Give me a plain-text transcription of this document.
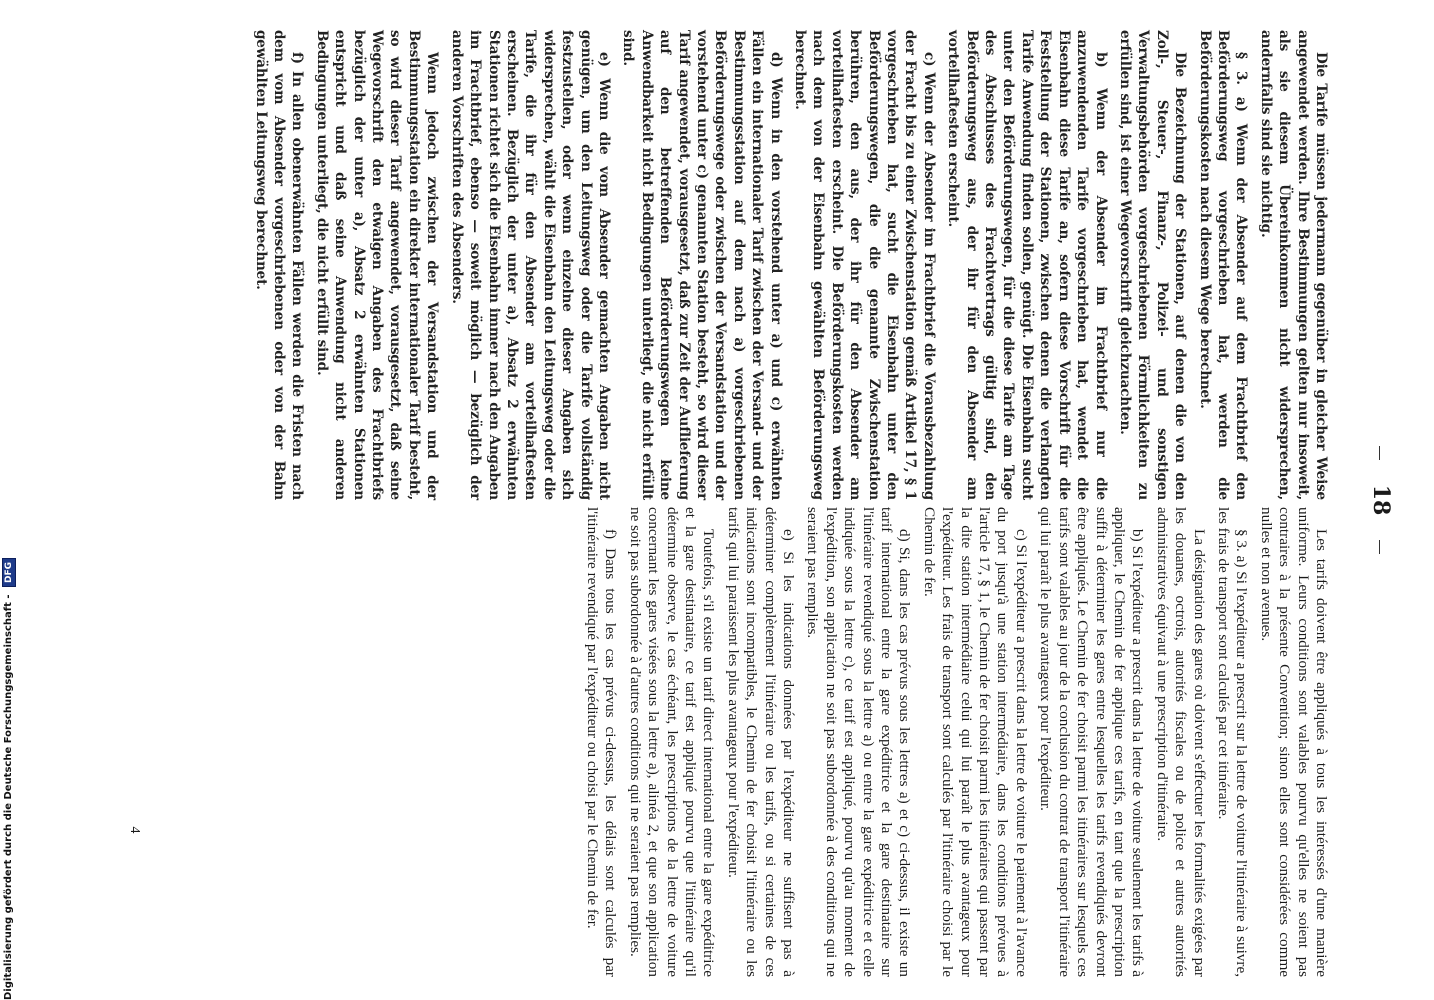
18

Die Tarife müssen jedermann gegenüber in gleicher Weise angewendet werden. Ihre Bestimmungen gelten nur insoweit, als sie diesem Übereinkommen nicht widersprechen, andernfalls sind sie nichtig.

§ 3. a) Wenn der Absender auf dem Frachtbrief den Beförderungsweg vorgeschrieben hat, werden die Beförderungskosten nach diesem Wege berechnet.

Die Bezeichnung der Stationen, auf denen die von den Zoll-, Steuer-, Finanz-, Polizei- und sonstigen Verwaltungsbehörden vorgeschriebenen Förmlichkeiten zu erfüllen sind, ist einer Wegevorschrift gleichzuachten.

b) Wenn der Absender im Frachtbrief nur die anzuwendenden Tarife vorgeschrieben hat, wendet die Eisenbahn diese Tarife an, sofern diese Vorschrift für die Feststellung der Stationen, zwischen denen die verlangten Tarife Anwendung finden sollen, genügt. Die Eisenbahn sucht unter den Beförderungswegen, für die diese Tarife am Tage des Abschlusses des Frachtvertrags gültig sind, den Beförderungsweg aus, der ihr für den Absender am vorteilhaftesten erscheint.

c) Wenn der Absender im Frachtbrief die Vorausbezahlung der Fracht bis zu einer Zwischenstation gemäß Artikel 17, § 1 vorgeschrieben hat, sucht die Eisenbahn unter den Beförderungswegen, die die genannte Zwischenstation berühren, den aus, der ihr für den Absender am vorteilhaftesten erscheint. Die Beförderungskosten werden nach dem von der Eisenbahn gewählten Beförderungsweg berechnet.

d) Wenn in den vorstehend unter a) und c) erwähnten Fällen ein internationaler Tarif zwischen der Versand- und der Bestimmungsstation auf dem nach a) vorgeschriebenen Beförderungswege oder zwischen der Versandstation und der vorstehend unter c) genannten Station besteht, so wird dieser Tarif angewendet, vorausgesetzt, daß zur Zeit der Auflieferung auf den betreffenden Beförderungswegen keine Anwendbarkeit nicht Bedingungen unterliegt, die nicht erfüllt sind.

e) Wenn die vom Absender gemachten Angaben nicht genügen, um den Leitungsweg oder die Tarife vollständig festzustellen, oder wenn einzelne dieser Angaben sich widersprechen, wählt die Eisenbahn den Leitungsweg oder die Tarife, die ihr für den Absender am vorteilhaftesten erscheinen. Bezüglich der unter a), Absatz 2 erwähnten Stationen richtet sich die Eisenbahn immer nach den Angaben im Frachtbrief, ebenso — soweit möglich — bezüglich der anderen Vorschriften des Absenders.

Wenn jedoch zwischen der Versandstation und der Bestimmungsstation ein direkter internationaler Tarif besteht, so wird dieser Tarif angewendet, vorausgesetzt, daß seine Wegevorschrift den etwaigen Angaben des Frachtbriefs bezüglich der unter a), Absatz 2 erwähnten Stationen entspricht und daß seine Anwendung nicht anderen Bedingungen unterliegt, die nicht erfüllt sind.

f) In allen obenerwähnten Fällen werden die Fristen nach dem vom Absender vorgeschriebenen oder von der Bahn gewählten Leitungsweg berechnet.

Les tarifs doivent être appliqués à tous les intéressés d'une manière uniforme. Leurs conditions sont valables pourvu qu'elles ne soient pas contraires à la présente Convention; sinon elles sont considérées comme nulles et non avenues.

§ 3. a) Si l'expéditeur a prescrit sur la lettre de voiture l'itinéraire à suivre, les frais de transport sont calculés par cet itinéraire.

La désignation des gares où doivent s'effectuer les formalités exigées par les douanes, octrois, autorités fiscales ou de police et autres autorités administratives équivaut à une prescription d'itinéraire.

b) Si l'expéditeur a prescrit dans la lettre de voiture seulement les tarifs à appliquer, le Chemin de fer applique ces tarifs, en tant que la prescription suffit à déterminer les gares entre lesquelles les tarifs revendiqués devront être appliqués. Le Chemin de fer choisit parmi les itinéraires sur lesquels ces tarifs sont valables au jour de la conclusion du contrat de transport l'itinéraire qui lui paraît le plus avantageux pour l'expéditeur.

c) Si l'expéditeur a prescrit dans la lettre de voiture le paiement à l'avance du port jusqu'à une station intermédiaire, dans les conditions prévues à l'article 17, § 1, le Chemin de fer choisit parmi les itinéraires qui passent par la dite station intermédiaire celui qui lui paraît le plus avantageux pour l'expéditeur. Les frais de transport sont calculés par l'itinéraire choisi par le Chemin de fer.

d) Si, dans les cas prévus sous les lettres a) et c) ci-dessus, il existe un tarif international entre la gare expéditrice et la gare destinataire sur l'itinéraire revendiqué sous la lettre a) ou entre la gare expéditrice et celle indiquée sous la lettre c), ce tarif est appliqué, pourvu qu'au moment de l'expédition, son application ne soit pas subordonnée à des conditions qui ne seraient pas remplies.

e) Si les indications données par l'expéditeur ne suffisent pas à déterminer complètement l'itinéraire ou les tarifs, ou si certaines de ces indications sont incompatibles, le Chemin de fer choisit l'itinéraire ou les tarifs qui lui paraissent les plus avantageux pour l'expéditeur.

Toutefois, s'il existe un tarif direct international entre la gare expéditrice et la gare destinataire, ce tarif est appliqué pourvu que l'itinéraire qu'il détermine observe, le cas échéant, les prescriptions de la lettre de voiture concernant les gares visées sous la lettre a), alinéa 2, et que son application ne soit pas subordonnée à d'autres conditions qui ne seraient pas remplies.

f) Dans tous les cas prévus ci-dessus, les délais sont calculés par l'itinéraire revendiqué par l'expéditeur ou choisi par le Chemin de fer.

4
Digitalisierung gefördert durch die Deutsche Forschungsgemeinschaft - DFG
